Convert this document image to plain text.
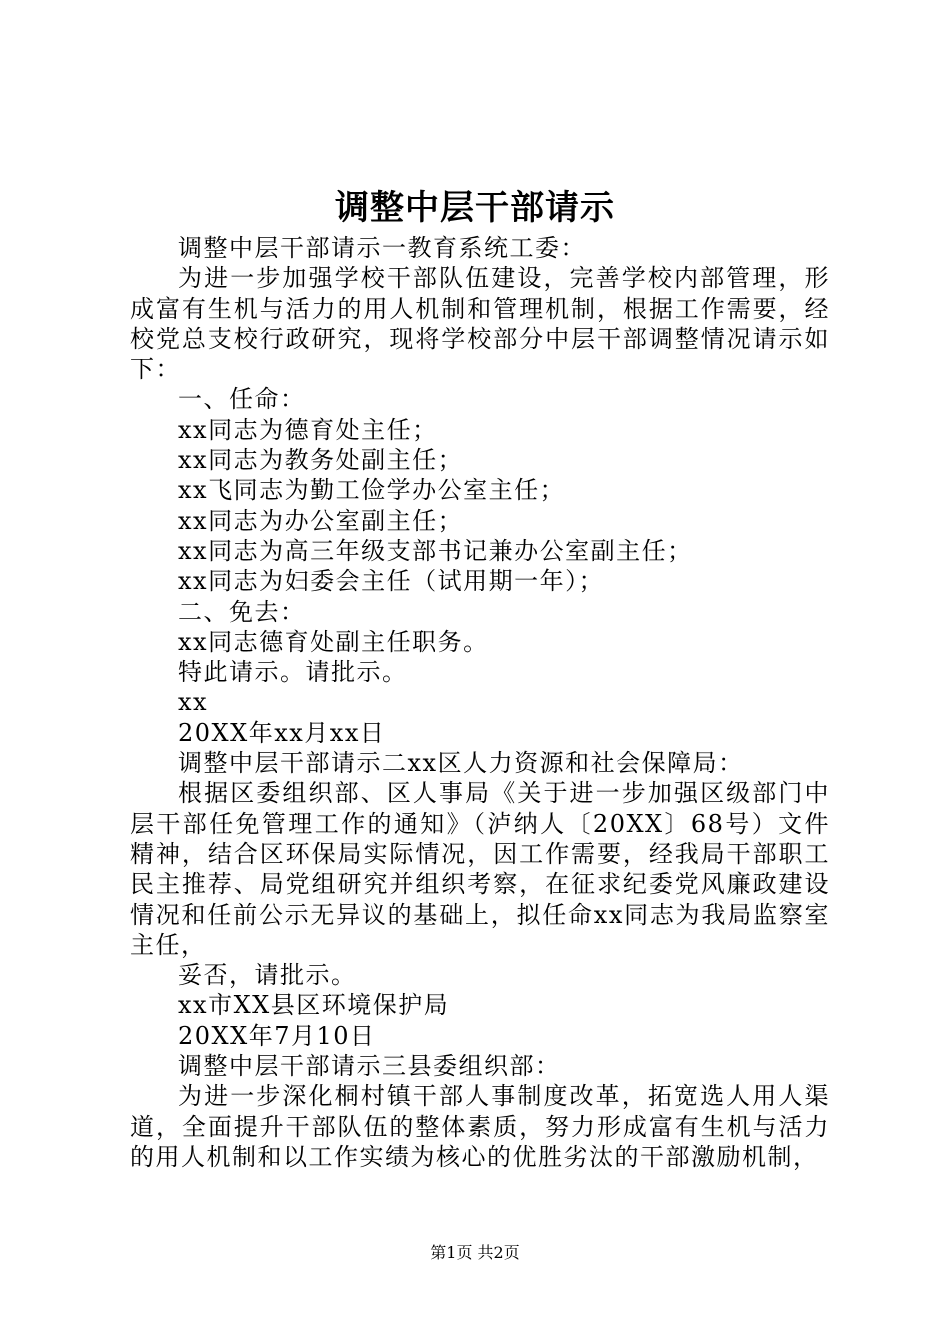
调整中层干部请示

调整中层干部请示一教育系统工委：

为进一步加强学校干部队伍建设，完善学校内部管理，形成富有生机与活力的用人机制和管理机制，根据工作需要，经校党总支校行政研究，现将学校部分中层干部调整情况请示如下：

一、任命：

xx同志为德育处主任；

xx同志为教务处副主任；

xx飞同志为勤工俭学办公室主任；

xx同志为办公室副主任；

xx同志为高三年级支部书记兼办公室副主任；

xx同志为妇委会主任（试用期一年）；

二、免去：

xx同志德育处副主任职务。

特此请示。请批示。

xx

20XX年xx月xx日

调整中层干部请示二xx区人力资源和社会保障局：

根据区委组织部、区人事局《关于进一步加强区级部门中层干部任免管理工作的通知》（泸纳人〔20XX〕68号）文件精神，结合区环保局实际情况，因工作需要，经我局干部职工民主推荐、局党组研究并组织考察，在征求纪委党风廉政建设情况和任前公示无异议的基础上，拟任命xx同志为我局监察室主任，

妥否，请批示。

xx市XX县区环境保护局

20XX年7月10日

调整中层干部请示三县委组织部：

为进一步深化桐村镇干部人事制度改革，拓宽选人用人渠道，全面提升干部队伍的整体素质，努力形成富有生机与活力的用人机制和以工作实绩为核心的优胜劣汰的干部激励机制，

第1页 共2页
